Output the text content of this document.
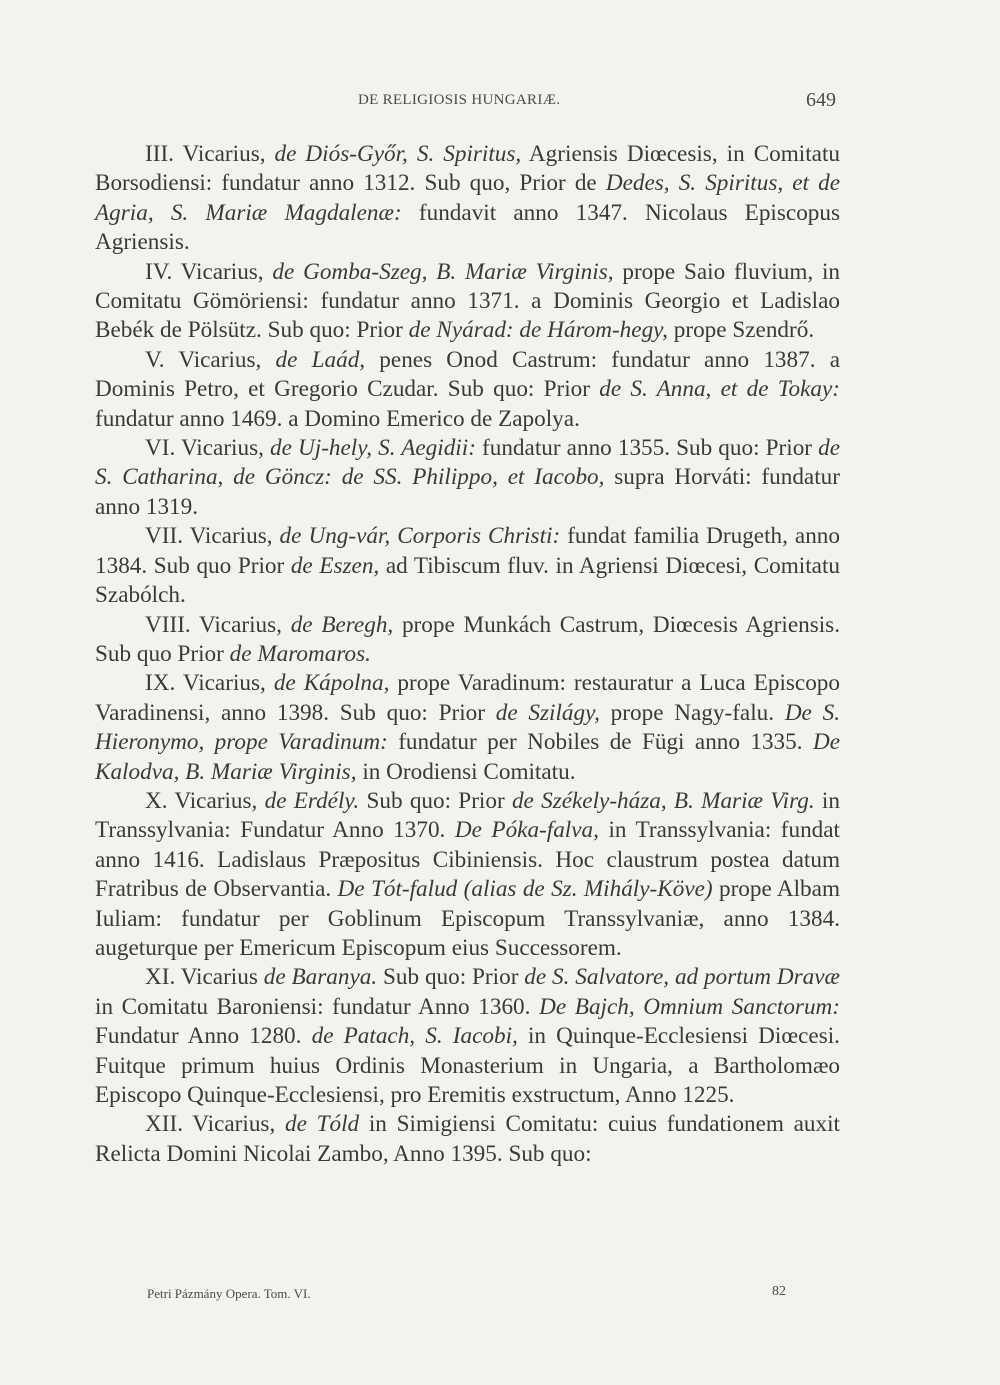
DE RELIGIOSIS HUNGARIÆ.	649

III. Vicarius, de Diós-Győr, S. Spiritus, Agriensis Diœcesis, in Comitatu Borsodiensi: fundatur anno 1312. Sub quo, Prior de Dedes, S. Spiritus, et de Agria, S. Mariæ Magdalenæ: fundavit anno 1347. Nicolaus Episcopus Agriensis.

IV. Vicarius, de Gomba-Szeg, B. Mariæ Virginis, prope Saio fluvium, in Comitatu Gömöriensi: fundatur anno 1371. a Dominis Georgio et Ladislao Bebék de Pölsütz. Sub quo: Prior de Nyárad: de Három-hegy, prope Szendrő.

V. Vicarius, de Laád, penes Onod Castrum: fundatur anno 1387. a Dominis Petro, et Gregorio Czudar. Sub quo: Prior de S. Anna, et de Tokay: fundatur anno 1469. a Domino Emerico de Zapolya.

VI. Vicarius, de Uj-hely, S. Aegidii: fundatur anno 1355. Sub quo: Prior de S. Catharina, de Göncz: de SS. Philippo, et Iacobo, supra Horváti: fundatur anno 1319.

VII. Vicarius, de Ung-vár, Corporis Christi: fundat familia Drugeth, anno 1384. Sub quo Prior de Eszen, ad Tibiscum fluv. in Agriensi Diœcesi, Comitatu Szabólch.

VIII. Vicarius, de Beregh, prope Munkách Castrum, Diœcesis Agriensis. Sub quo Prior de Maromaros.

IX. Vicarius, de Kápolna, prope Varadinum: restauratur a Luca Episcopo Varadinensi, anno 1398. Sub quo: Prior de Szilágy, prope Nagy-falu. De S. Hieronymo, prope Varadinum: fundatur per Nobiles de Fügi anno 1335. De Kalodva, B. Mariæ Virginis, in Orodiensi Comitatu.

X. Vicarius, de Erdély. Sub quo: Prior de Székely-háza, B. Mariæ Virg. in Transsylvania: Fundatur Anno 1370. De Póka-falva, in Transsylvania: fundat anno 1416. Ladislaus Præpositus Cibiniensis. Hoc claustrum postea datum Fratribus de Observantia. De Tót-falud (alias de Sz. Mihály-Köve) prope Albam Iuliam: fundatur per Goblinum Episcopum Transsylvaniæ, anno 1384. augeturque per Emericum Episcopum eius Successorem.

XI. Vicarius de Baranya. Sub quo: Prior de S. Salvatore, ad portum Dravæ in Comitatu Baroniensi: fundatur Anno 1360. De Bajch, Omnium Sanctorum: Fundatur Anno 1280. de Patach, S. Iacobi, in Quinque-Ecclesiensi Diœcesi. Fuitque primum huius Ordinis Monasterium in Ungaria, a Bartholomæo Episcopo Quinque-Ecclesiensi, pro Eremitis exstructum, Anno 1225.

XII. Vicarius, de Tóld in Simigiensi Comitatu: cuius fundationem auxit Relicta Domini Nicolai Zambo, Anno 1395. Sub quo:

Petri Pázmány Opera. Tom. VI.	82
